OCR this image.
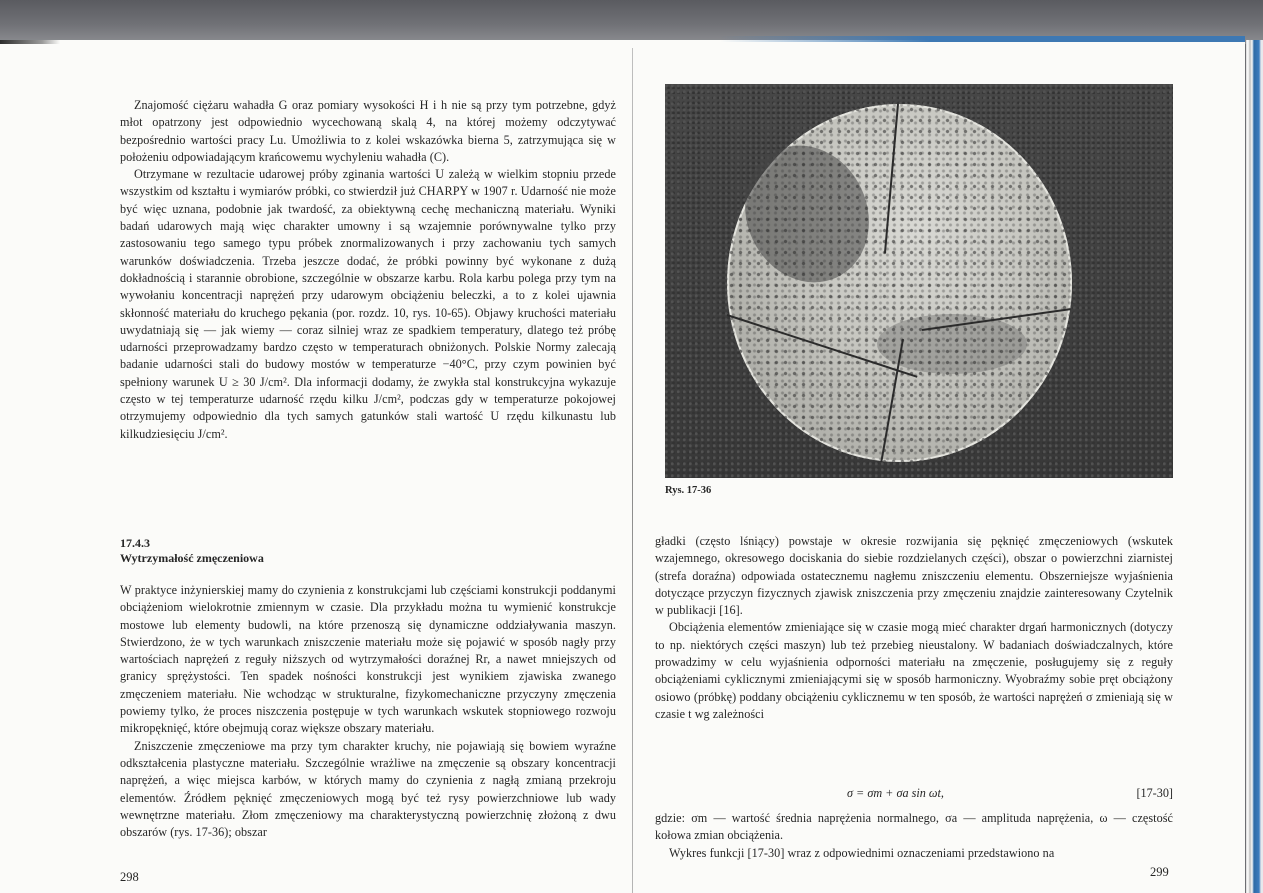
Znajomość ciężaru wahadła G oraz pomiary wysokości H i h nie są przy tym potrzebne, gdyż młot opatrzony jest odpowiednio wycechowaną skalą 4, na której możemy odczytywać bezpośrednio wartości pracy Lu. Umożliwia to z kolei wskazówka bierna 5, zatrzymująca się w położeniu odpowiadającym krańcowemu wychyleniu wahadła (C).

Otrzymane w rezultacie udarowej próby zginania wartości U zależą w wielkim stopniu przede wszystkim od kształtu i wymiarów próbki, co stwierdził już CHARPY w 1907 r. Udarność nie może być więc uznana, podobnie jak twardość, za obiektywną cechę mechaniczną materiału. Wyniki badań udarowych mają więc charakter umowny i są wzajemnie porównywalne tylko przy zastosowaniu tego samego typu próbek znormalizowanych i przy zachowaniu tych samych warunków doświadczenia. Trzeba jeszcze dodać, że próbki powinny być wykonane z dużą dokładnością i starannie obrobione, szczególnie w obszarze karbu. Rola karbu polega przy tym na wywołaniu koncentracji naprężeń przy udarowym obciążeniu beleczki, a to z kolei ujawnia skłonność materiału do kruchego pękania (por. rozdz. 10, rys. 10-65). Objawy kruchości materiału uwydatniają się — jak wiemy — coraz silniej wraz ze spadkiem temperatury, dlatego też próbę udarności przeprowadzamy bardzo często w temperaturach obniżonych. Polskie Normy zalecają badanie udarności stali do budowy mostów w temperaturze −40°C, przy czym powinien być spełniony warunek U ≥ 30 J/cm². Dla informacji dodamy, że zwykła stal konstrukcyjna wykazuje często w tej temperaturze udarność rzędu kilku J/cm², podczas gdy w temperaturze pokojowej otrzymujemy odpowiednio dla tych samych gatunków stali wartość U rzędu kilkunastu lub kilkudziesięciu J/cm².

17.4.3
Wytrzymałość zmęczeniowa

W praktyce inżynierskiej mamy do czynienia z konstrukcjami lub częściami konstrukcji poddanymi obciążeniom wielokrotnie zmiennym w czasie. Dla przykładu można tu wymienić konstrukcje mostowe lub elementy budowli, na które przenoszą się dynamiczne oddziaływania maszyn. Stwierdzono, że w tych warunkach zniszczenie materiału może się pojawić w sposób nagły przy wartościach naprężeń z reguły niższych od wytrzymałości doraźnej Rr, a nawet mniejszych od granicy sprężystości. Ten spadek nośności konstrukcji jest wynikiem zjawiska zwanego zmęczeniem materiału. Nie wchodząc w strukturalne, fizykomechaniczne przyczyny zmęczenia powiemy tylko, że proces niszczenia postępuje w tych warunkach wskutek stopniowego rozwoju mikropęknięć, które obejmują coraz większe obszary materiału.

Zniszczenie zmęczeniowe ma przy tym charakter kruchy, nie pojawiają się bowiem wyraźne odkształcenia plastyczne materiału. Szczególnie wrażliwe na zmęczenie są obszary koncentracji naprężeń, a więc miejsca karbów, w których mamy do czynienia z nagłą zmianą przekroju elementów. Źródłem pęknięć zmęczeniowych mogą być też rysy powierzchniowe lub wady wewnętrzne materiału. Złom zmęczeniowy ma charakterystyczną powierzchnię złożoną z dwu obszarów (rys. 17-36); obszar

298
Rys. 17-36

gładki (często lśniący) powstaje w okresie rozwijania się pęknięć zmęczeniowych (wskutek wzajemnego, okresowego dociskania do siebie rozdzielanych części), obszar o powierzchni ziarnistej (strefa doraźna) odpowiada ostatecznemu nagłemu zniszczeniu elementu. Obszerniejsze wyjaśnienia dotyczące przyczyn fizycznych zjawisk zniszczenia przy zmęczeniu znajdzie zainteresowany Czytelnik w publikacji [16].

Obciążenia elementów zmieniające się w czasie mogą mieć charakter drgań harmonicznych (dotyczy to np. niektórych części maszyn) lub też przebieg nieustalony. W badaniach doświadczalnych, które prowadzimy w celu wyjaśnienia odporności materiału na zmęczenie, posługujemy się z reguły obciążeniami cyklicznymi zmieniającymi się w sposób harmoniczny. Wyobraźmy sobie pręt obciążony osiowo (próbkę) poddany obciążeniu cyklicznemu w ten sposób, że wartości naprężeń σ zmieniają się w czasie t wg zależności

σ = σm + σa sin ωt,	[17-30]

gdzie: σm — wartość średnia naprężenia normalnego, σa — amplituda naprężenia, ω — częstość kołowa zmian obciążenia.

Wykres funkcji [17-30] wraz z odpowiednimi oznaczeniami przedstawiono na

299
